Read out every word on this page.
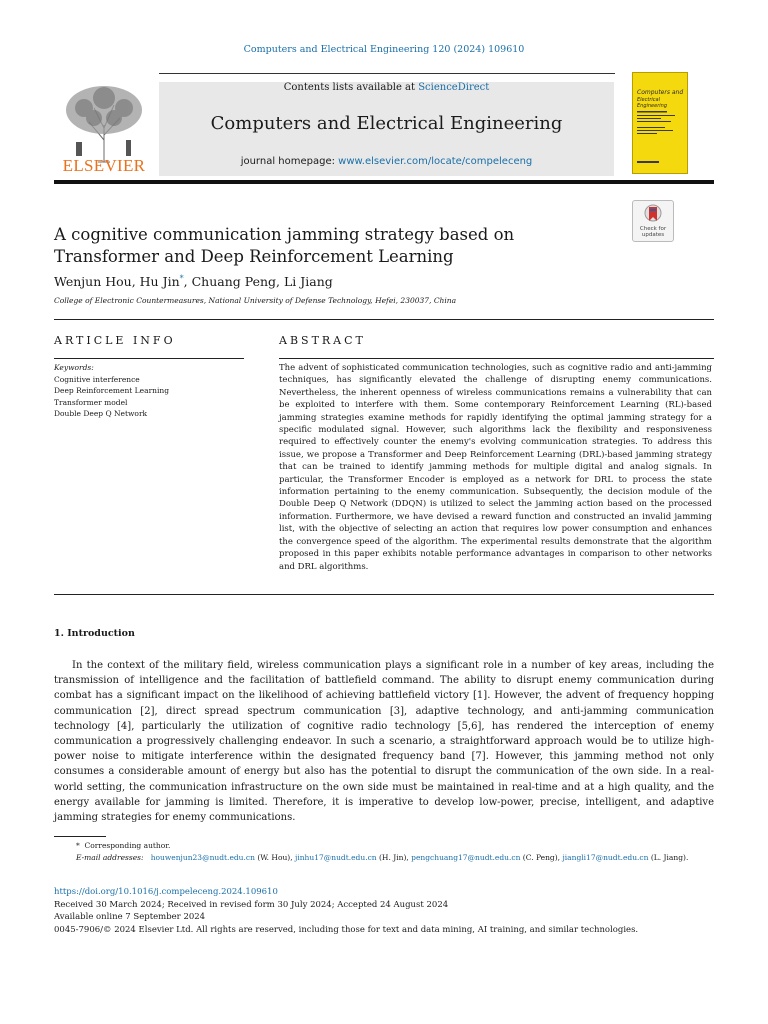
Computers and Electrical Engineering 120 (2024) 109610
ELSEVIER
Contents lists available at ScienceDirect
Computers and Electrical Engineering
journal homepage: www.elsevier.com/locate/compeleceng
Computers and
Electrical Engineering
Check for
updates
A cognitive communication jamming strategy based on Transformer and Deep Reinforcement Learning
Wenjun Hou, Hu Jin*, Chuang Peng, Li Jiang
College of Electronic Countermeasures, National University of Defense Technology, Hefei, 230037, China
ARTICLE INFO	ABSTRACT
Keywords:
Cognitive interference
Deep Reinforcement Learning
Transformer model
Double Deep Q Network
The advent of sophisticated communication technologies, such as cognitive radio and anti-jamming techniques, has significantly elevated the challenge of disrupting enemy communications. Nevertheless, the inherent openness of wireless communications remains a vulnerability that can be exploited to interfere with them. Some contemporary Reinforcement Learning (RL)-based jamming strategies examine methods for rapidly identifying the optimal jamming strategy for a specific modulated signal. However, such algorithms lack the flexibility and responsiveness required to effectively counter the enemy's evolving communication strategies. To address this issue, we propose a Transformer and Deep Reinforcement Learning (DRL)-based jamming strategy that can be trained to identify jamming methods for multiple digital and analog signals. In particular, the Transformer Encoder is employed as a network for DRL to process the state information pertaining to the enemy communication. Subsequently, the decision module of the Double Deep Q Network (DDQN) is utilized to select the jamming action based on the processed information. Furthermore, we have devised a reward function and constructed an invalid jamming list, with the objective of selecting an action that requires low power consumption and enhances the convergence speed of the algorithm. The experimental results demonstrate that the algorithm proposed in this paper exhibits notable performance advantages in comparison to other networks and DRL algorithms.
1. Introduction
In the context of the military field, wireless communication plays a significant role in a number of key areas, including the transmission of intelligence and the facilitation of battlefield command. The ability to disrupt enemy communication during combat has a significant impact on the likelihood of achieving battlefield victory [1]. However, the advent of frequency hopping communication [2], direct spread spectrum communication [3], adaptive technology, and anti-jamming communication technology [4], particularly the utilization of cognitive radio technology [5,6], has rendered the interception of enemy communication a progressively challenging endeavor. In such a scenario, a straightforward approach would be to utilize high-power noise to mitigate interference within the designated frequency band [7]. However, this jamming method not only consumes a considerable amount of energy but also has the potential to disrupt the communication of the own side. In a real-world setting, the communication infrastructure on the own side must be maintained in real-time and at a high quality, and the energy available for jamming is limited. Therefore, it is imperative to develop low-power, precise, intelligent, and adaptive jamming strategies for enemy communications.
* Corresponding author.
E-mail addresses: houwenjun23@nudt.edu.cn (W. Hou), jinhu17@nudt.edu.cn (H. Jin), pengchuang17@nudt.edu.cn (C. Peng), jiangli17@nudt.edu.cn (L. Jiang).
https://doi.org/10.1016/j.compeleceng.2024.109610
Received 30 March 2024; Received in revised form 30 July 2024; Accepted 24 August 2024
Available online 7 September 2024
0045-7906/© 2024 Elsevier Ltd. All rights are reserved, including those for text and data mining, AI training, and similar technologies.
